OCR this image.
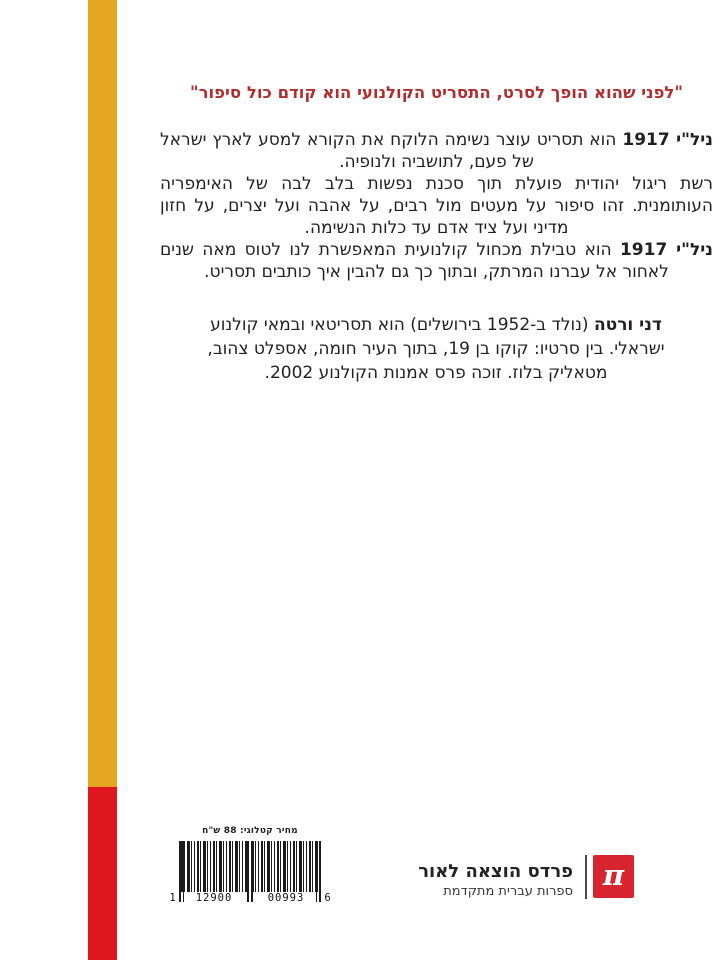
"לפני שהוא הופך לסרט, התסריט הקולנועי הוא קודם כול סיפור"

ניל"י 1917 הוא תסריט עוצר נשימה הלוקח את הקורא למסע לארץ ישראל של פעם, לתושביה ולנופיה.

רשת ריגול יהודית פועלת תוך סכנת נפשות בלב לבה של האימפריה העותומנית. זהו סיפור על מעטים מול רבים, על אהבה ועל יצרים, על חזון מדיני ועל ציד אדם עד כלות הנשימה.

ניל"י 1917 הוא טבילת מכחול קולנועית המאפשרת לנו לטוס מאה שנים לאחור אל עברנו המרתק, ובתוך כך גם להבין איך כותבים תסריט.

דני ורטה (נולד ב-1952 בירושלים) הוא תסריטאי ובמאי קולנוע ישראלי. בין סרטיו: קוקו בן 19, בתוך העיר חומה, אספלט צהוב, מטאליק בלוז. זוכה פרס אמנות הקולנוע 2002.
מחיר קטלוגי: 88 ש"ח
1	12900	00993	6
π
פרדס הוצאה לאור
ספרות עברית מתקדמת
